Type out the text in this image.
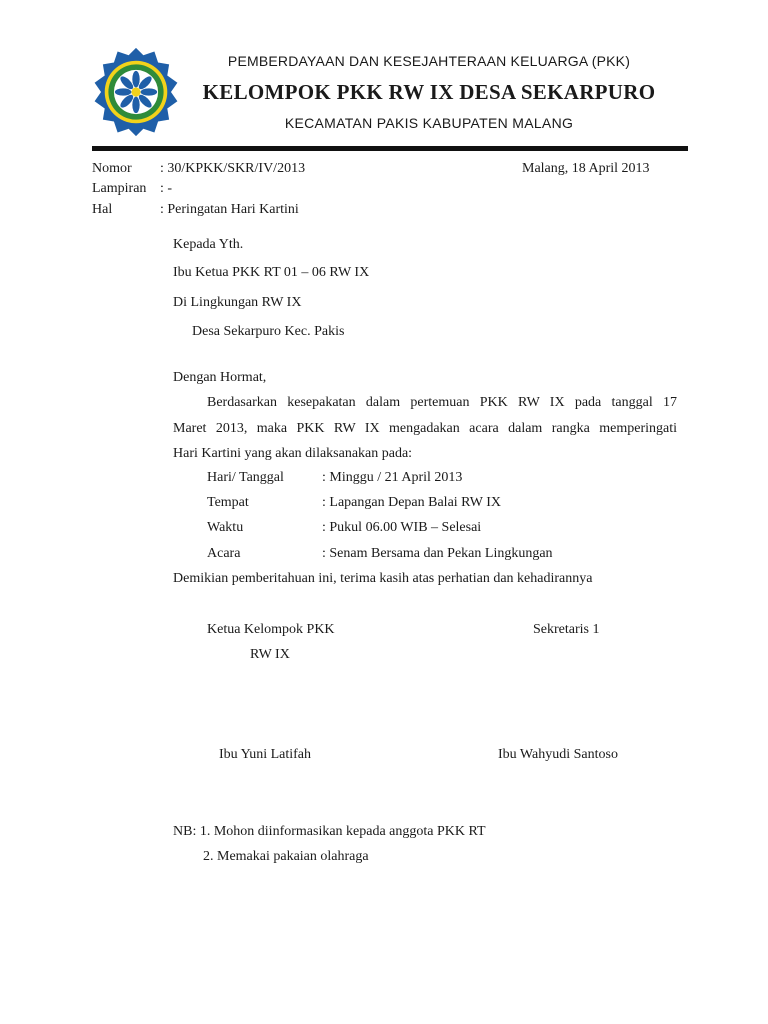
PEMBERDAYAAN DAN KESEJAHTERAAN KELUARGA (PKK)
KELOMPOK PKK RW IX DESA SEKARPURO
KECAMATAN PAKIS KABUPATEN MALANG
Nomor : 30/KPKK/SKR/IV/2013	Malang, 18 April 2013
Lampiran : -
Hal	: Peringatan Hari Kartini
Kepada Yth.
Ibu Ketua PKK RT 01 – 06 RW IX
Di Lingkungan RW IX
Desa Sekarpuro Kec. Pakis
Dengan Hormat,
Berdasarkan kesepakatan dalam pertemuan PKK RW IX pada tanggal 17
Maret 2013, maka PKK RW IX mengadakan acara dalam rangka memperingati
Hari Kartini yang akan dilaksanakan pada:
Hari/ Tanggal	: Minggu / 21 April 2013
Tempat	: Lapangan Depan Balai RW IX
Waktu	: Pukul 06.00 WIB – Selesai
Acara	: Senam Bersama dan Pekan Lingkungan
Demikian pemberitahuan ini, terima kasih atas perhatian dan kehadirannya
Ketua Kelompok PKK
RW IX
Sekretaris 1
Ibu Yuni Latifah	Ibu Wahyudi Santoso
NB: 1. Mohon diinformasikan kepada anggota PKK RT
2. Memakai pakaian olahraga
